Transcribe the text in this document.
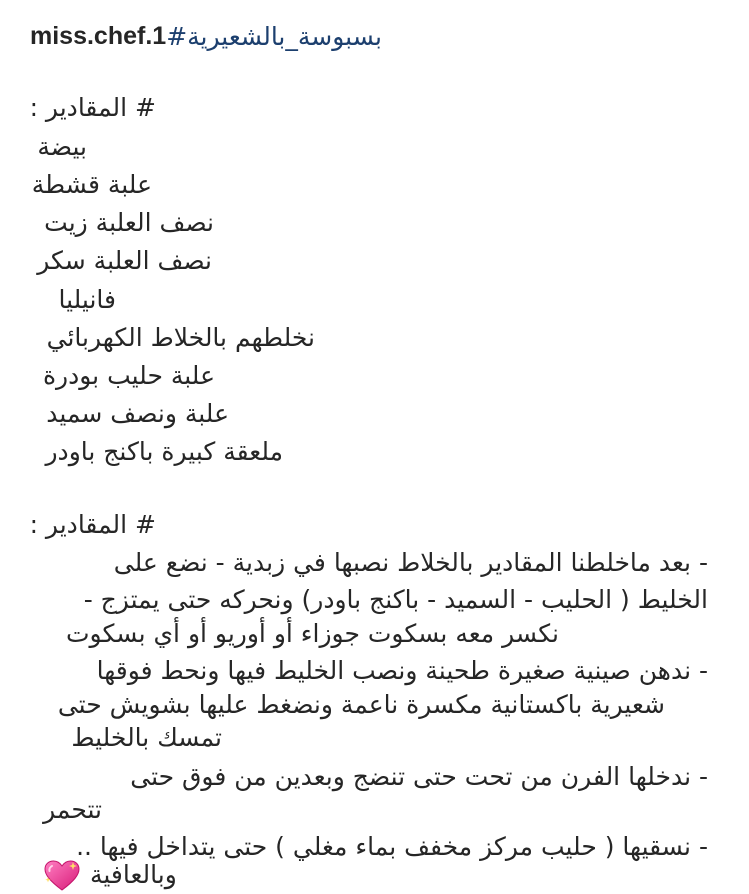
miss.chef.1 #بسبوسة_بالشعيرية
# المقادير :
بيضة
علبة قشطة
نصف العلبة زيت
نصف العلبة سكر
فانيليا
نخلطهم بالخلاط الكهربائي
علبة حليب بودرة
علبة ونصف سميد
ملعقة كبيرة باكنج باودر
# المقادير :
- بعد ماخلطنا المقادير بالخلاط نصبها في زبدية - نضع على
الخليط ( الحليب - السميد - باكنج باودر) ونحركه حتى يمتزج -
نكسر معه بسكوت جوزاء أو أوريو أو أي بسكوت
- ندهن صينية صغيرة طحينة ونصب الخليط فيها ونحط فوقها
شعيرية باكستانية مكسرة ناعمة ونضغط عليها بشويش حتى
تمسك بالخليط
- ندخلها الفرن من تحت حتى تنضج وبعدين من فوق حتى
تتحمر
- نسقيها ( حليب مركز مخفف بماء مغلي ) حتى يتداخل فيها ..
وبالعافية
